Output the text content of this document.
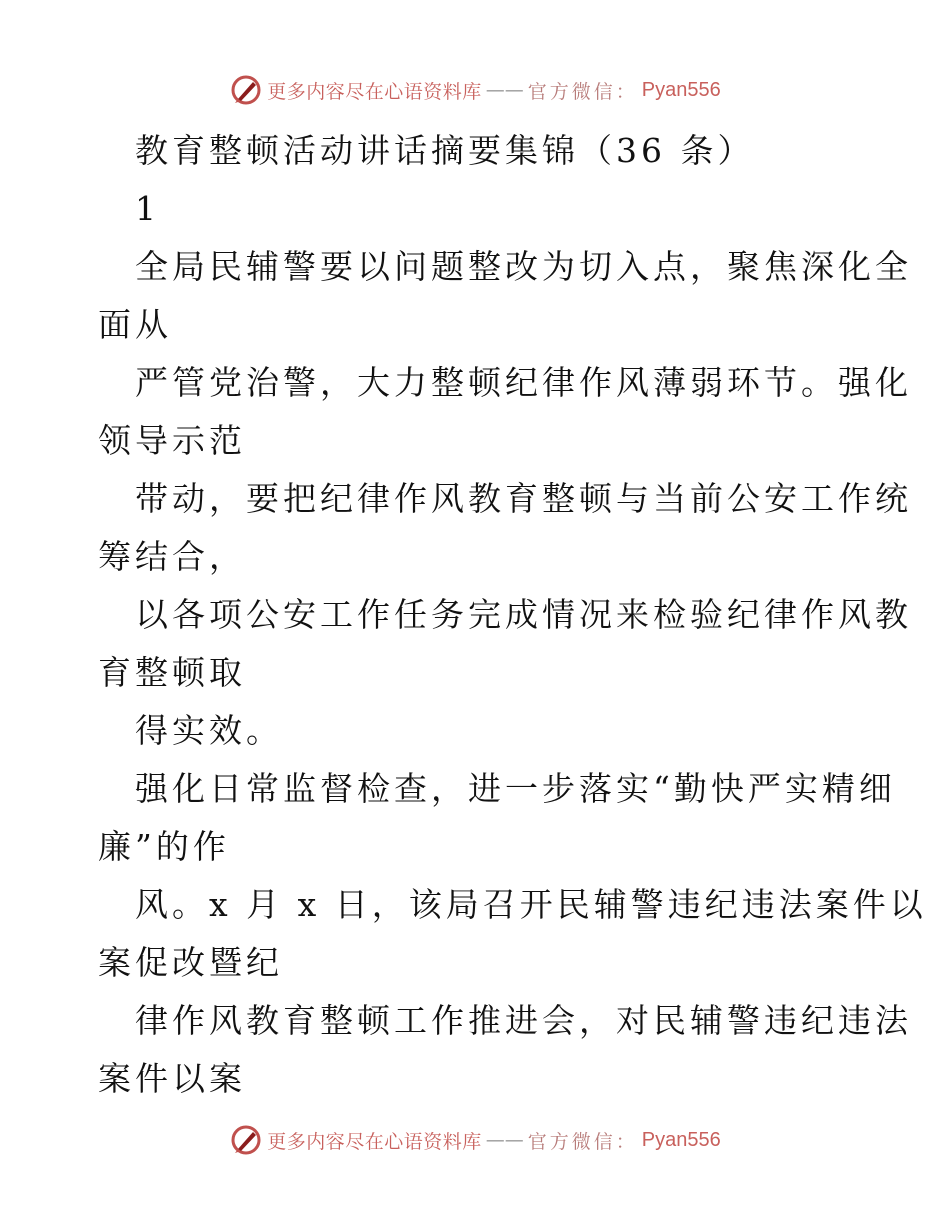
更多内容尽在心语资料库 —— 官方微信： Pyan556
教育整顿活动讲话摘要集锦（36 条）
1
全局民辅警要以问题整改为切入点，聚焦深化全
面从
严管党治警，大力整顿纪律作风薄弱环节。强化
领导示范
带动，要把纪律作风教育整顿与当前公安工作统
筹结合，
以各项公安工作任务完成情况来检验纪律作风教
育整顿取
得实效。
强化日常监督检查，进一步落实“勤快严实精细
廉”的作
风。x 月 x 日，该局召开民辅警违纪违法案件以
案促改暨纪
律作风教育整顿工作推进会，对民辅警违纪违法
案件以案
更多内容尽在心语资料库 —— 官方微信： Pyan556
